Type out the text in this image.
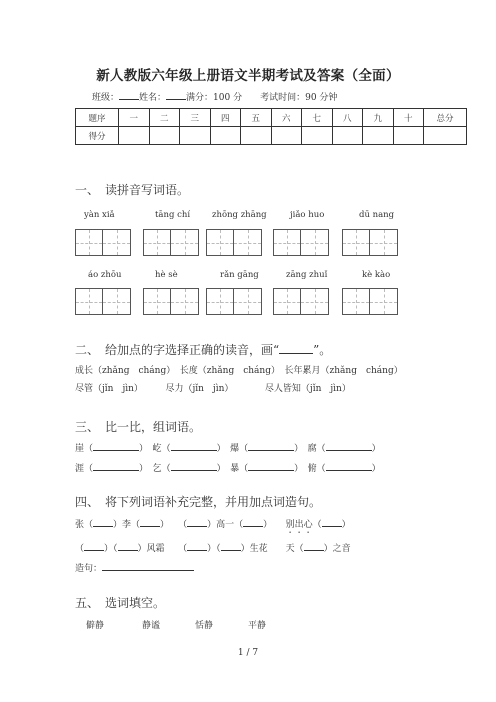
新人教版六年级上册语文半期考试及答案（全面）
班级： 姓名： 满分：100 分　　 考试时间：90 分钟
题序	一	二	三	四	五	六	七	八	九	十	总分
得分											
一、　读拼音写词语。
yàn xiǎ	tāng chí	zhōng zhāng	jiǎo huo	dū nang
áo zhōu	hè sè	rǎn gāng	zāng zhuǐ	kè kào
二、　给加点的字选择正确的读音，画“	”。
成长（zhǎng　cháng）　 长度（zhǎng　cháng）　 长年累月（zhǎng　cháng）
尽管（jǐn　jìn）　　　	尽力（jǐn　jìn）　　　　	尽人皆知（jǐn　jìn）
三、　比一比，组词语。
崖（	）　屹（	）　爆（	）　腐（	）
涯（	）　乞（	）　暴（	）　俯（	）
四、　将下列词语补充完整，并用加点词造句。
张（ ）李（ ）　　 （ ）高一（ ）　　 别出心（ ）
（ ）（ ）风霜　　 （ ）（ ）生花　　 天（ ）之音
造句：
五、　选词填空。
僻静	静谧	恬静	平静
1 / 7
